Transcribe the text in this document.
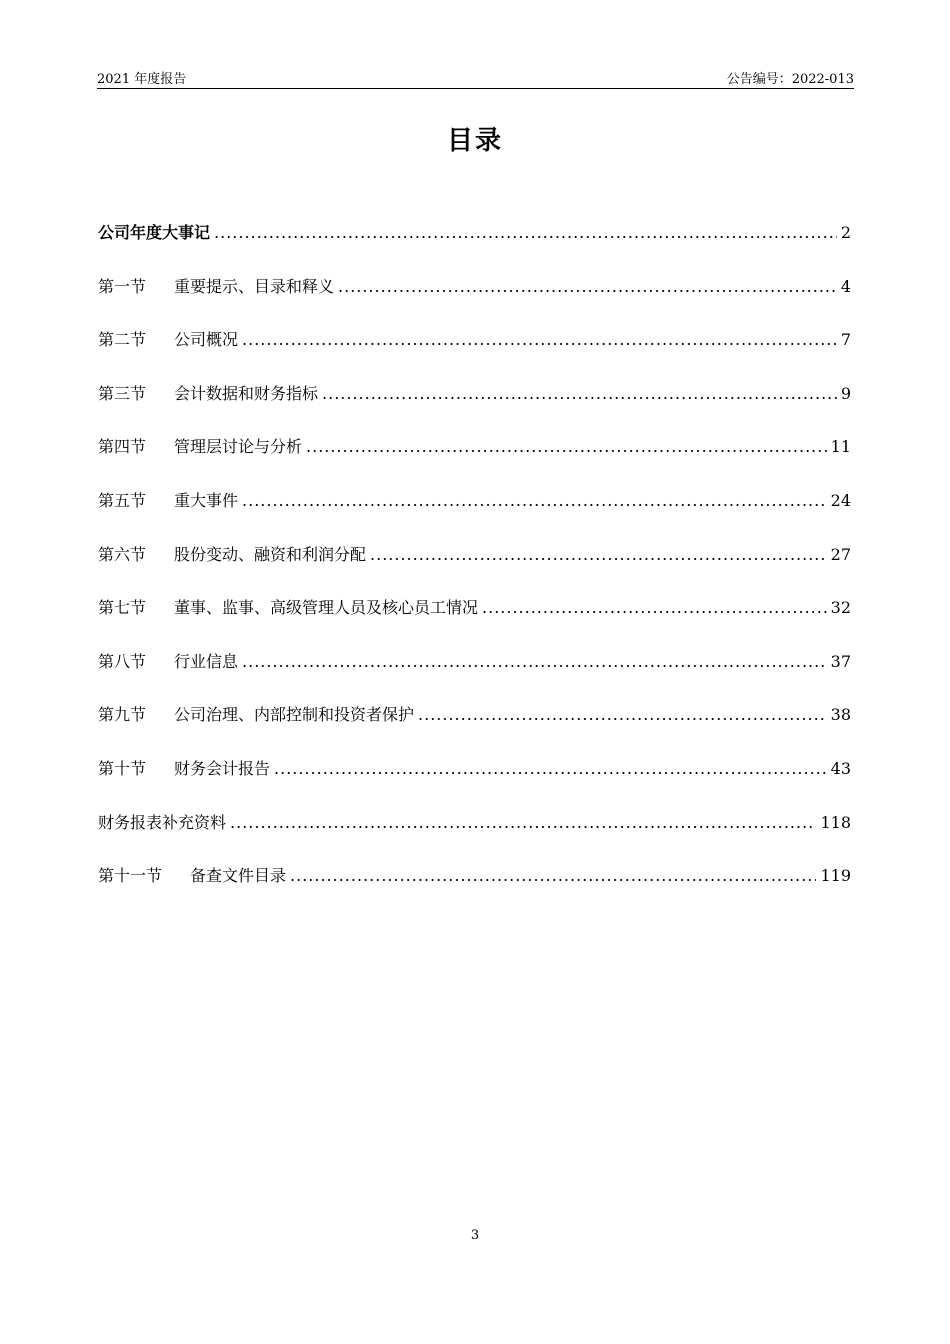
2021 年度报告	公告编号：2022-013
目录
公司年度大事记 .....	2
第一节 重要提示、目录和释义 .....	4
第二节 公司概况 .....	7
第三节 会计数据和财务指标 .....	9
第四节 管理层讨论与分析 .....	11
第五节 重大事件 .....	24
第六节 股份变动、融资和利润分配 .....	27
第七节 董事、监事、高级管理人员及核心员工情况 .....	32
第八节 行业信息 .....	37
第九节 公司治理、内部控制和投资者保护 .....	38
第十节 财务会计报告 .....	43
财务报表补充资料 .....	118
第十一节 备查文件目录 .....	119
3
